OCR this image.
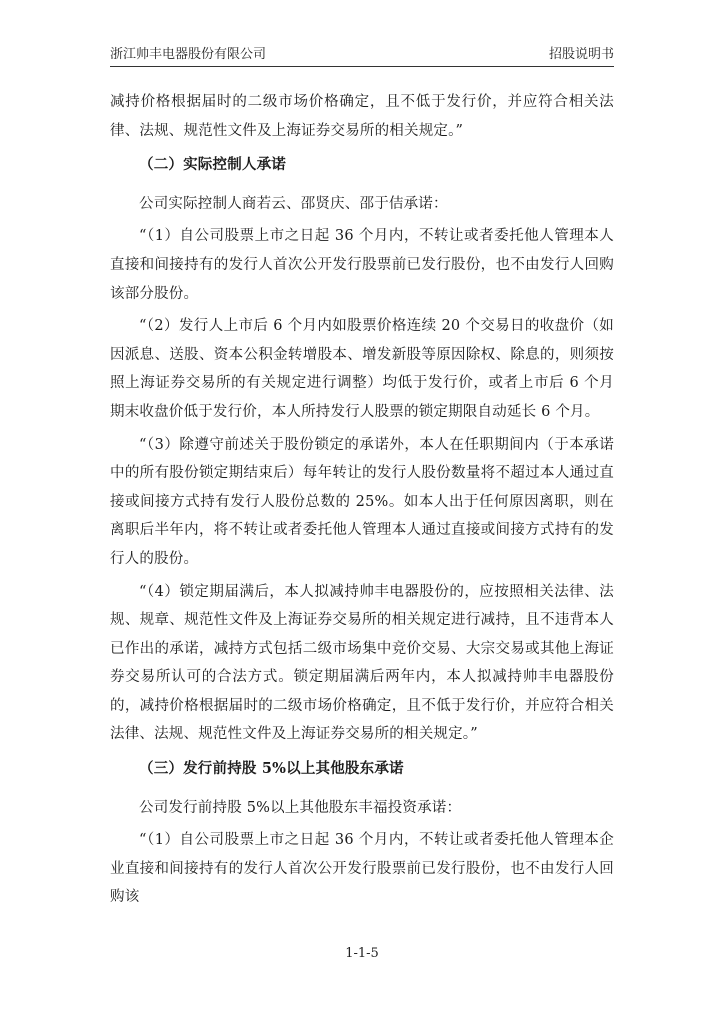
浙江帅丰电器股份有限公司	招股说明书

减持价格根据届时的二级市场价格确定，且不低于发行价，并应符合相关法律、法规、规范性文件及上海证券交易所的相关规定。”

（二）实际控制人承诺

公司实际控制人商若云、邵贤庆、邵于佶承诺：

“（1）自公司股票上市之日起 36 个月内，不转让或者委托他人管理本人直接和间接持有的发行人首次公开发行股票前已发行股份，也不由发行人回购该部分股份。

“（2）发行人上市后 6 个月内如股票价格连续 20 个交易日的收盘价（如因派息、送股、资本公积金转增股本、增发新股等原因除权、除息的，则须按照上海证券交易所的有关规定进行调整）均低于发行价，或者上市后 6 个月期末收盘价低于发行价，本人所持发行人股票的锁定期限自动延长 6 个月。

“（3）除遵守前述关于股份锁定的承诺外，本人在任职期间内（于本承诺中的所有股份锁定期结束后）每年转让的发行人股份数量将不超过本人通过直接或间接方式持有发行人股份总数的 25%。如本人出于任何原因离职，则在离职后半年内，将不转让或者委托他人管理本人通过直接或间接方式持有的发行人的股份。

“（4）锁定期届满后，本人拟减持帅丰电器股份的，应按照相关法律、法规、规章、规范性文件及上海证券交易所的相关规定进行减持，且不违背本人已作出的承诺，减持方式包括二级市场集中竞价交易、大宗交易或其他上海证券交易所认可的合法方式。锁定期届满后两年内，本人拟减持帅丰电器股份的，减持价格根据届时的二级市场价格确定，且不低于发行价，并应符合相关法律、法规、规范性文件及上海证券交易所的相关规定。”

（三）发行前持股 5%以上其他股东承诺

公司发行前持股 5%以上其他股东丰福投资承诺：

“（1）自公司股票上市之日起 36 个月内，不转让或者委托他人管理本企业直接和间接持有的发行人首次公开发行股票前已发行股份，也不由发行人回购该

1-1-5
